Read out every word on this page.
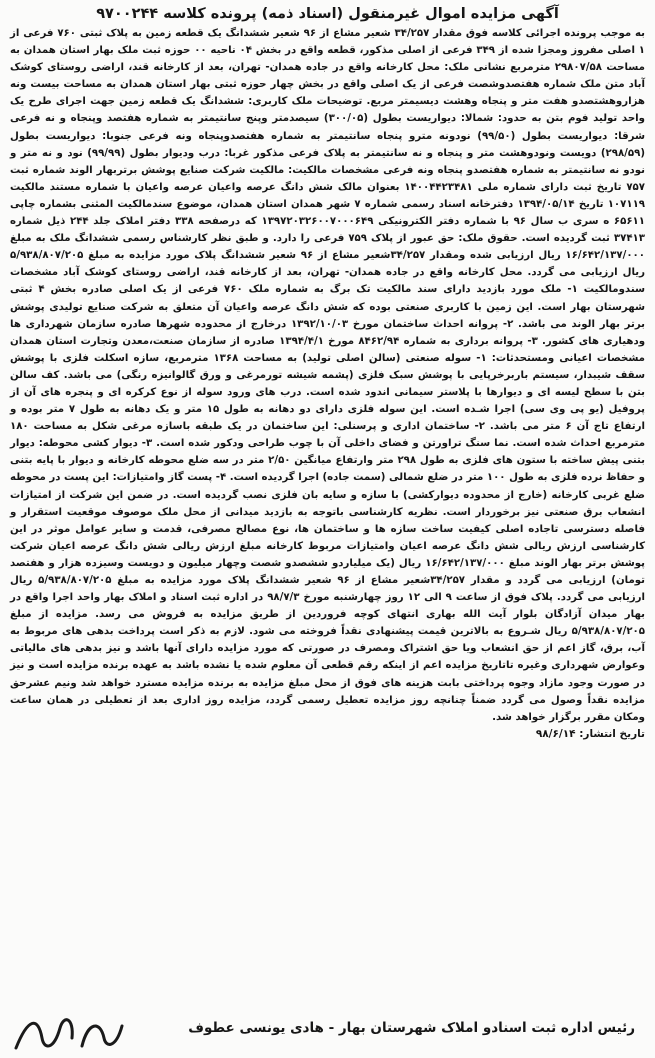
آگهی مزایده اموال غیرمنقول (اسناد ذمه) پرونده کلاسه ۹۷۰۰۲۴۴

به موجب پرونده اجرائی کلاسه فوق مقدار ۳۴/۲۵۷ شعیر مشاع از ۹۶ شعیر ششدانگ یک قطعه زمین به پلاک ثبتی ۷۶۰ فرعی از ۱ اصلی مفروز ومجزا شده از ۳۴۹ فرعی از اصلی مذکور، قطعه واقع در بخش ۰۴ ناحیه ۰۰ حوزه ثبت ملک بهار استان همدان به مساحت ۲۹۸۰۷/۵۸ مترمربع نشانی ملک: محل کارخانه واقع در جاده همدان- تهران، بعد از کارخانه قند، اراضی روستای کوشک آباد متن ملک شماره هفتصدوشصت فرعی از یک اصلی واقع در بخش چهار حوزه ثبتی بهار استان همدان به مساحت بیست ونه هزاروهشتصدو هفت متر و پنجاه وهشت دیسیمتر مربع. توضیحات ملک کاربری: ششدانگ یک قطعه زمین جهت اجرای طرح یک واحد تولید فوم بتن به حدود: شمالا: دیواریست بطول (۳۰۰/۰۵) سیصدمتر وپنج سانتیمتر به شماره هفتصد وپنجاه و نه فرعی شرقا: دیواریست بطول (۹۹/۵۰) نودونه مترو پنجاه سانتیمتر به شماره هفتصدوپنجاه ونه فرعی جنوبا: دیواریست بطول (۲۹۸/۵۹) دویست ونودوهشت متر و پنجاه و نه سانتیمتر به پلاک فرعی مذکور غربا: درب ودیوار بطول (۹۹/۹۹) نود و نه متر و نودو نه سانتیمتر به شماره هفتصدو پنجاه ونه فرعی مشخصات مالکیت: مالکیت شرکت صنایع پوشش برتربهار الوند شماره ثبت ۷۵۷ تاریخ ثبت دارای شماره ملی ۱۴۰۰۴۴۲۳۴۸۱ بعنوان مالک شش دانگ عرصه واعیان عرصه واعیان با شماره مستند مالکیت ۱۰۷۱۱۹ تاریخ ۱۳۹۴/۰۵/۱۴ دفترخانه اسناد رسمی شماره ۷ شهر همدان استان همدان، موضوع سندمالکیت المثنی بشماره چاپی ۶۵۶۱۱ ه سری ب سال ۹۶ با شماره دفتر الکترونیکی ۱۳۹۷۲۰۳۲۶۰۰۷۰۰۰۶۴۹ که درصفحه ۳۳۸ دفتر املاک جلد ۲۴۴ ذیل شماره ۳۷۴۱۳ ثبت گردیده است. حقوق ملک: حق عبور از پلاک ۷۵۹ فرعی را دارد. و طبق نظر کارشناس رسمی ششدانگ ملک به مبلغ ۱۶/۶۴۲/۱۳۷/۰۰۰ ریال ارزیابی شده ومقدار ۳۴/۲۵۷شعیر مشاع از ۹۶ شعیر ششدانگ پلاک مورد مزایده به مبلغ ۵/۹۳۸/۸۰۷/۲۰۵ ریال ارزیابی می گردد. محل کارخانه واقع در جاده همدان- تهران، بعد از کارخانه قند، اراضی روستای کوشک آباد مشخصات سندومالکیت ۱- ملک مورد بازدید دارای سند مالکیت تک برگ به شماره ملک ۷۶۰ فرعی از یک اصلی صادره بخش ۴ ثبتی شهرستان بهار است. این زمین با کاربری صنعتی بوده که شش دانگ عرصه واعیان آن متعلق به شرکت صنایع تولیدی پوشش برتر بهار الوند می باشد. ۲- پروانه احداث ساختمان مورخ ۱۳۹۲/۱۰/۰۳ درخارج از محدوده شهرها صادره سازمان شهرداری ها ودهیاری های کشور. ۳- پروانه برداری به شماره ۸۴۶۲/۹۴ مورخ ۱۳۹۴/۴/۱ صادره از سازمان صنعت،معدن وتجارت استان همدان مشخصات اعیانی ومستحدثات: ۱- سوله صنعتی (سالن اصلی تولید) به مساحت ۱۳۶۸ مترمربع، سازه اسکلت فلزی با پوشش سقف شیبدار، سیستم باربرخرپایی با پوشش سبک فلزی (پشمه شیشه تورمرغی و ورق گالوانیزه رنگی) می باشد. کف سالن بتن با سطح لیسه ای و دیوارها با پلاستر سیمانی اندود شده است. درب های ورود سوله از نوع کرکره ای و پنجره های آن از پروفیل (یو پی وی سی) اجرا شـده است. این سوله فلزی دارای دو دهانه به طول ۱۵ متر و یک دهانه به طول ۷ متر بوده و ارتفاع تاج آن ۶ متر می باشد. ۲- ساختمان اداری و پرسنلی: این ساختمان در یک طبقه باسازه مرغی شکل به مساحت ۱۸۰ مترمربع احداث شده است. نما سنگ تراورتن و فضای داخلی آن با چوب طراحی ودکور شده است. ۳- دیوار کشی محوطه: دیوار بتنی پیش ساخته با ستون های فلزی به طول ۲۹۸ متر وارتفاع میانگین ۲/۵۰ متر در سه ضلع محوطه کارخانه و دیوار با پایه بتنی و حفاظ نرده فلزی به طول ۱۰۰ متر در ضلع شمالی (سمت جاده) اجرا گردیده است. ۴- پست گاز وامتیازات: این پست در محوطه ضلع غربی کارخانه (خارج از محدوده دیوارکشی) با سازه و سایه بان فلزی نصب گردیده است. در ضمن این شرکت از امتیازات انشعاب برق صنعتی نیز برخوردار است. نظریه کارشناسی باتوجه به بازدید میدانی از محل ملک موصوف موقعیت استقرار و فاصله دسترسی تاجاده اصلی کیفیت ساخت سازه ها و ساختمان ها، نوع مصالح مصرفی، قدمت و سایر عوامل موثر در این کارشناسی ارزش ریالی شش دانگ عرصه اعیان وامتیازات مربوط کارخانه مبلغ ارزش ریالی شش دانگ عرصه اعیان شرکت پوشش برتر بهار الوند مبلغ ۱۶/۶۴۲/۱۳۷/۰۰۰ ریال (یک میلیاردو ششصدو شصت وچهار میلیون و دویست وسیزده هزار و هفتصد تومان) ارزیابی می گردد و مقدار ۳۴/۲۵۷شعیر مشاع از ۹۶ شعیر ششدانگ پلاک مورد مزایده به مبلغ ۵/۹۳۸/۸۰۷/۲۰۵ ریال ارزیابی می گردد. پلاک فوق از ساعت ۹ الی ۱۲ روز چهارشنبه مورخ ۹۸/۷/۳ در اداره ثبت اسناد و املاک بهار واحد اجرا واقع در بهار میدان آزادگان بلوار آیت الله بهاری انتهای کوچه فروردین از طریق مزایده به فروش می رسد. مزایده از مبلغ ۵/۹۳۸/۸۰۷/۲۰۵ ریال شـروع به بالاترین قیمت پیشنهادی نقداً فروخته می شود. لازم به ذکر است پرداخت بدهی های مربوط به آب، برق، گاز اعم از حق انشعاب ویا حق اشتراک ومصرف در صورتی که مورد مزایده دارای آنها باشد و نیز بدهی های مالیاتی وعوارض شهرداری وغیره تاتاریخ مزایده اعم از اینکه رقم قطعی آن معلوم شده یا نشده باشد به عهده برنده مزایده است و نیز در صورت وجود مازاد وجوه پرداختی بابت هزینه های فوق از محل مبلغ مزایده به برنده مزایده مسترد خواهد شد ونیم عشرحق مزایده نقداً وصول می گردد ضمناً چنانچه روز مزایده تعطیل رسمی گردد، مزایده روز اداری بعد از تعطیلی در همان ساعت ومکان مقرر برگزار خواهد شد.

تاریخ انتشار: ۹۸/۶/۱۴
رئیس اداره ثبت اسنادو املاک شهرستان بهار - هادی یونسی عطوف
